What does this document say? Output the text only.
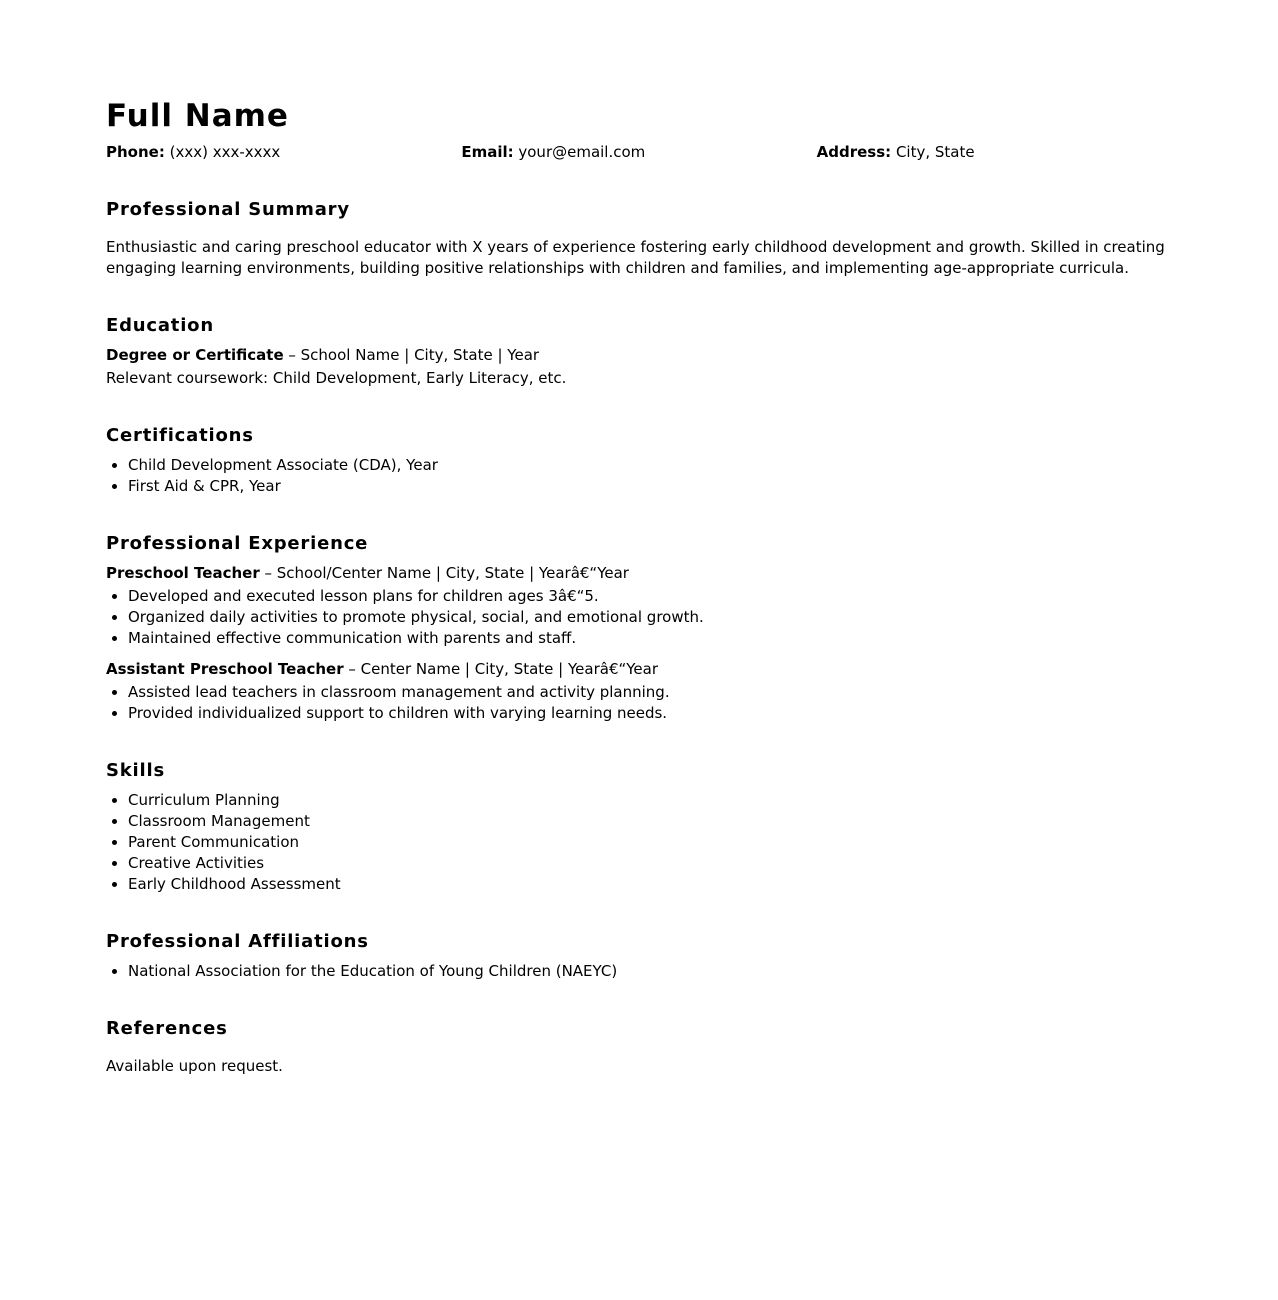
Full Name
Phone: (xxx) xxx-xxxx	Email: your@email.com	Address: City, State
Professional Summary

Enthusiastic and caring preschool educator with X years of experience fostering early childhood development and growth. Skilled in creating engaging learning environments, building positive relationships with children and families, and implementing age-appropriate curricula.

Education

Degree or Certificate – School Name | City, State | Year

Relevant coursework: Child Development, Early Literacy, etc.

Certifications
• Child Development Associate (CDA), Year
• First Aid & CPR, Year
Professional Experience

Preschool Teacher – School/Center Name | City, State | Yearâ€“Year

• Developed and executed lesson plans for children ages 3â€“5.
• Organized daily activities to promote physical, social, and emotional growth.
• Maintained effective communication with parents and staff.

Assistant Preschool Teacher – Center Name | City, State | Yearâ€“Year

• Assisted lead teachers in classroom management and activity planning.
• Provided individualized support to children with varying learning needs.
Skills
• Curriculum Planning
• Classroom Management
• Parent Communication
• Creative Activities
• Early Childhood Assessment
Professional Affiliations
• National Association for the Education of Young Children (NAEYC)
References

Available upon request.
